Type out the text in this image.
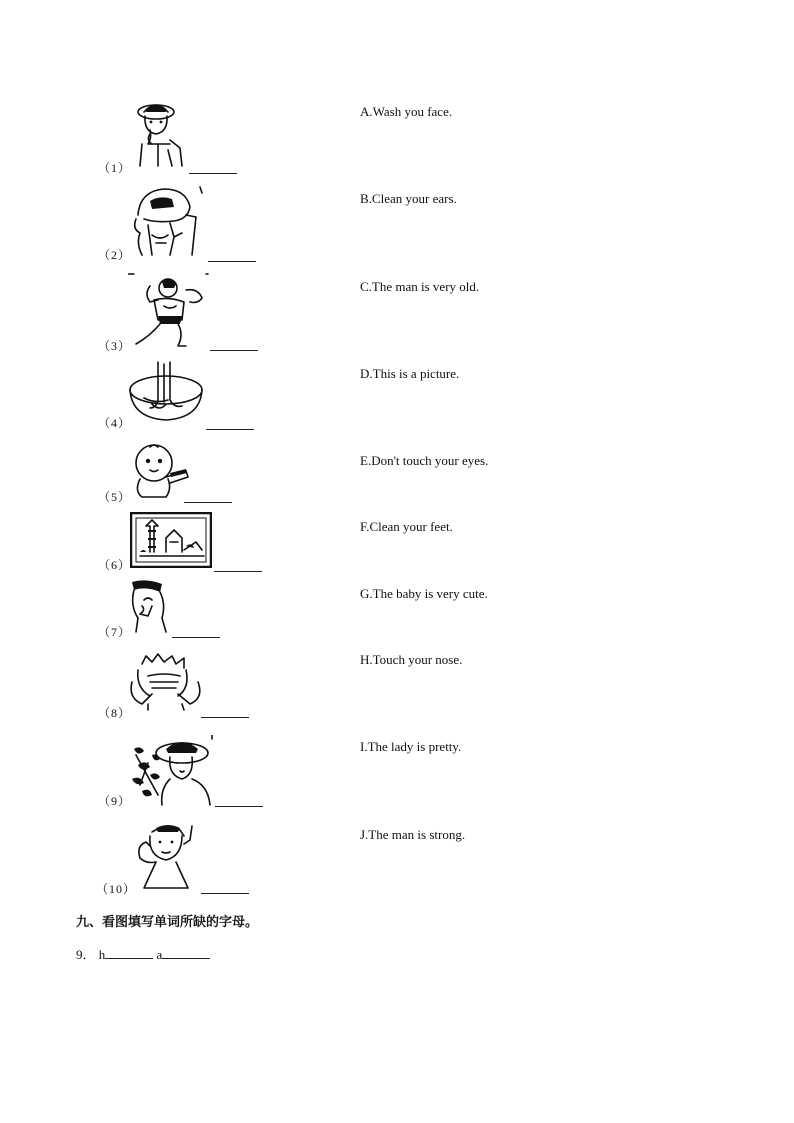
（1）
（2）
（3）
（4）
（5）
（6）
（7）
（8）
（9）
（10）
A.Wash you face.
B.Clean your ears.
C.The man is very old.
D.This is a picture.
E.Don't touch your eyes.
F.Clean your feet.
G.The baby is very cute.
H.Touch your nose.
I.The lady is pretty.
J.The man is strong.
九、看图填写单词所缺的字母。
9． h	a
